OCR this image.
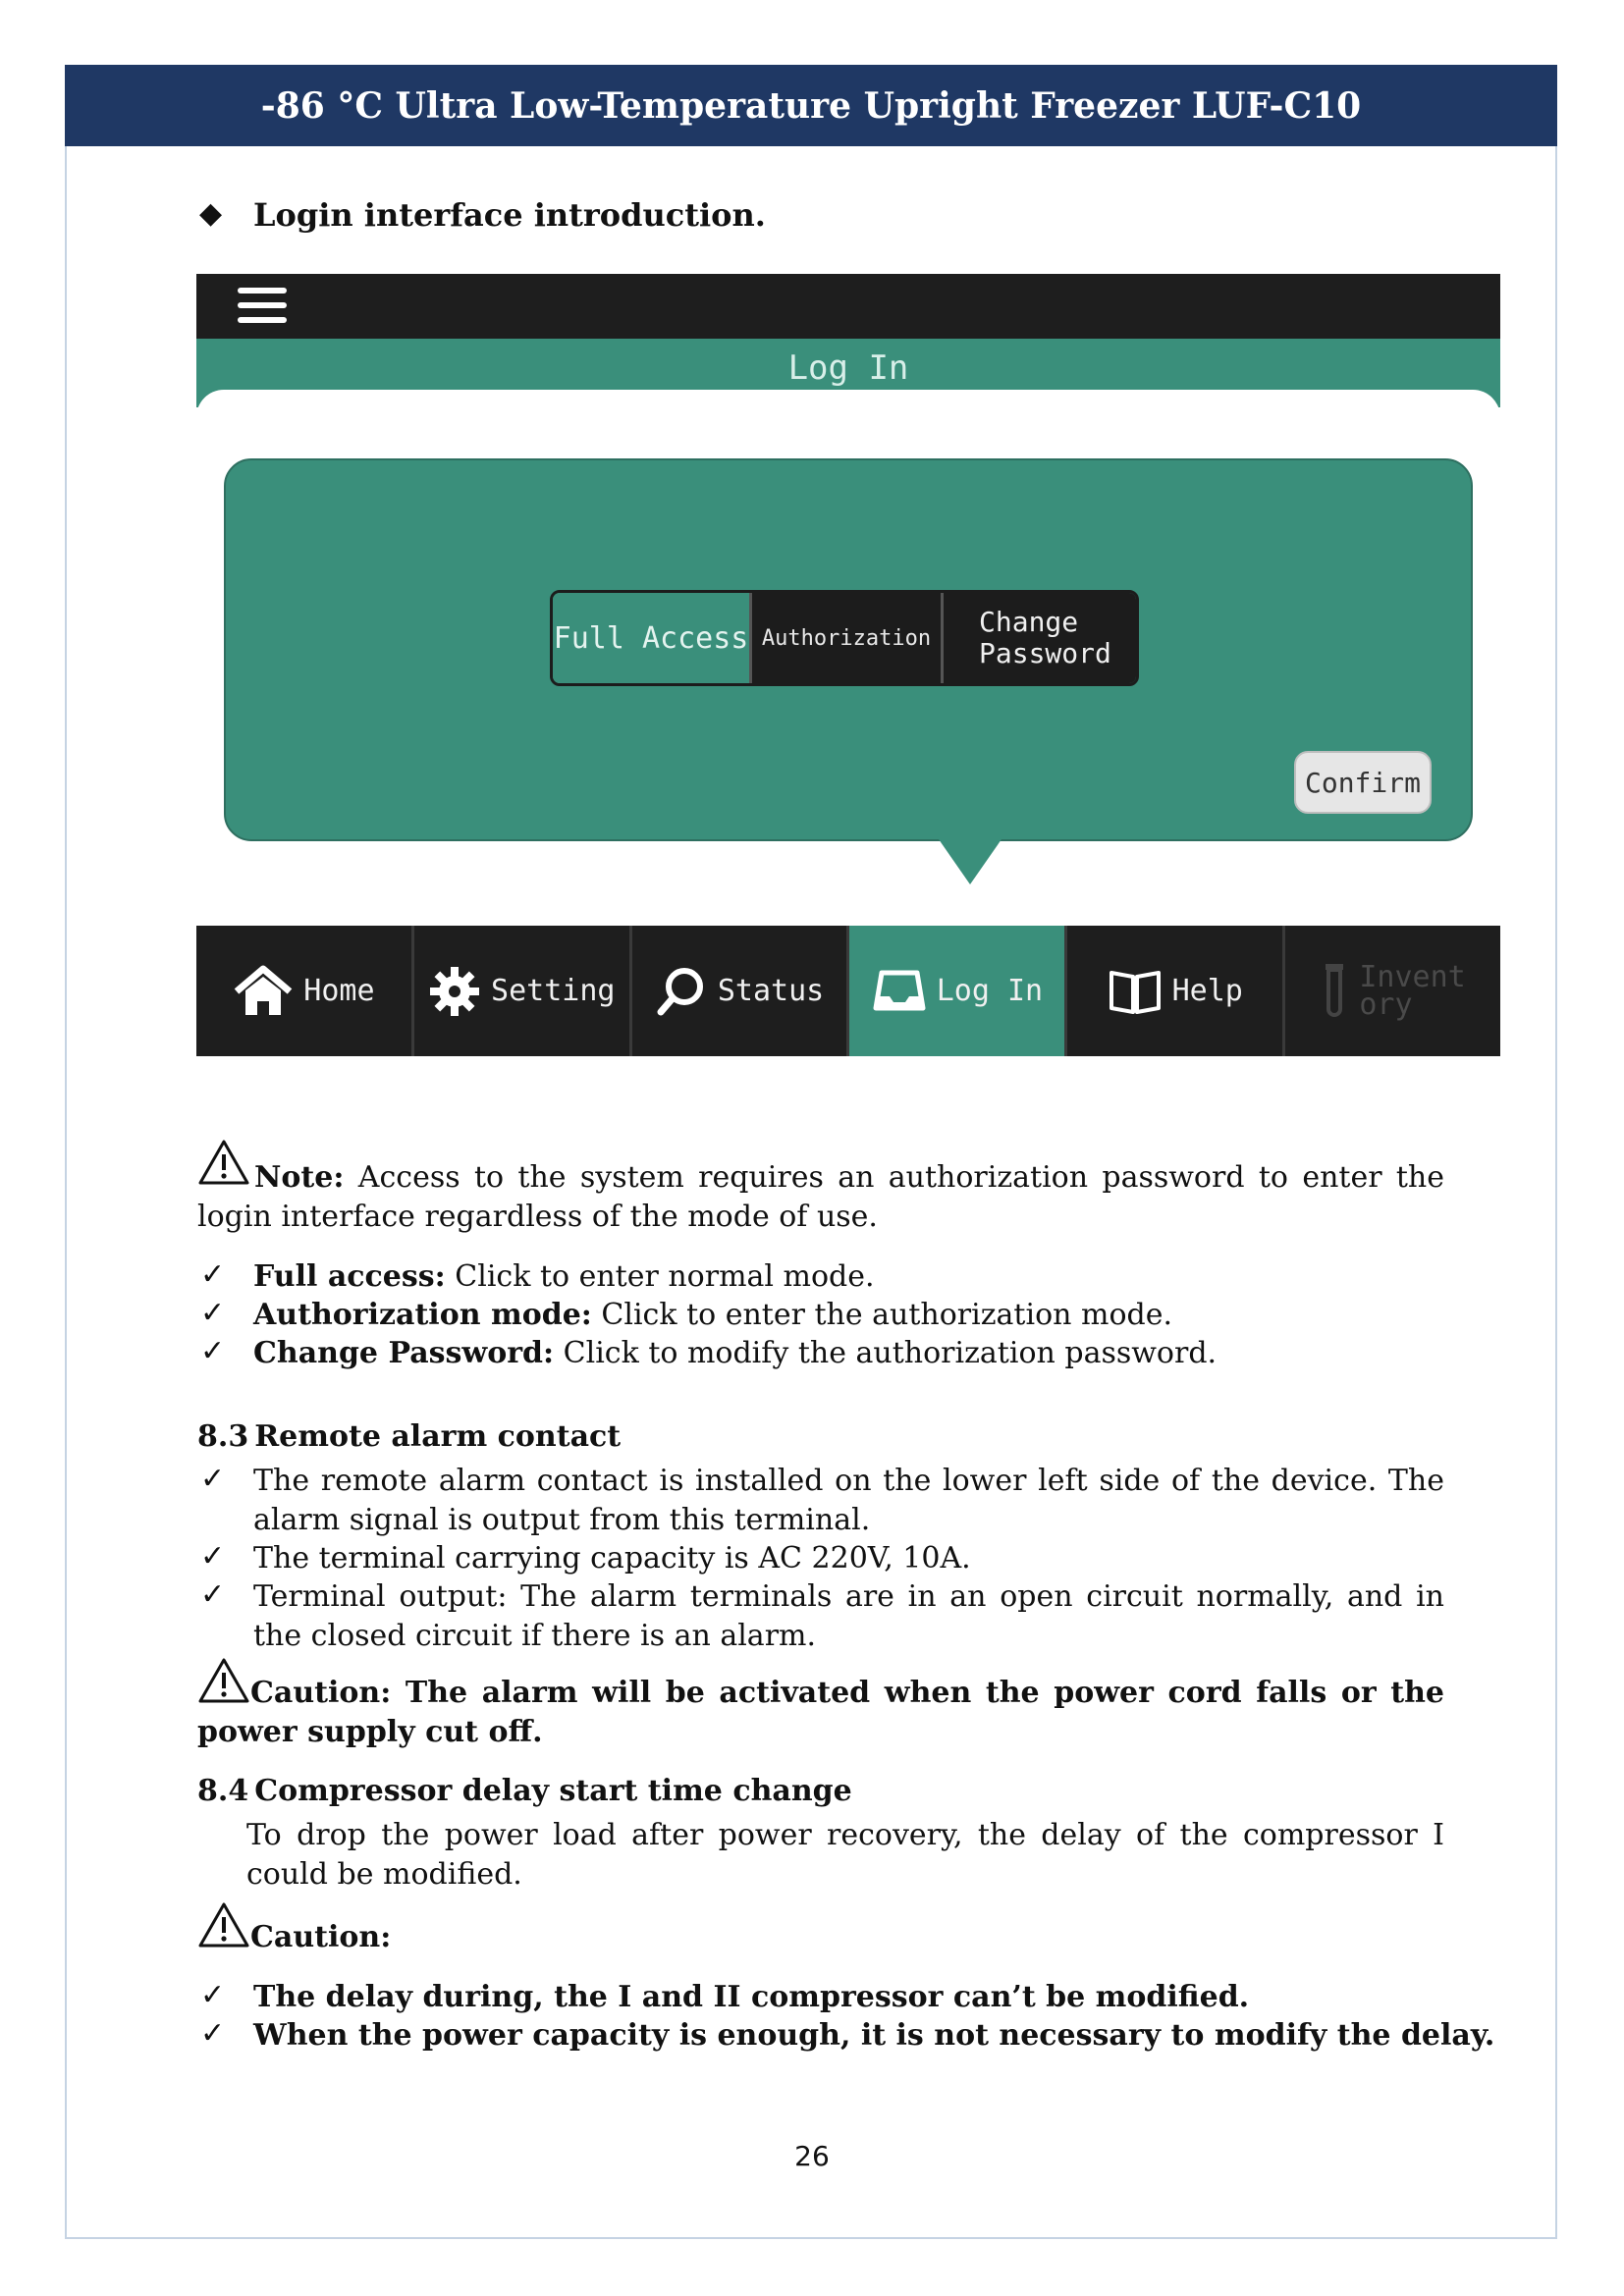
-86 °C Ultra Low-Temperature Upright Freezer LUF-C10
◆ Login interface introduction.
Log In
Full Access Authorization	Change
Password
Confirm
Home	Setting	Status	Log In	Help	Invent
ory
Note: Access to the system requires an authorization password to enter the login interface regardless of the mode of use.
✓ Full access: Click to enter normal mode.
✓ Authorization mode: Click to enter the authorization mode.
✓ Change Password: Click to modify the authorization password.
8.3 Remote alarm contact
✓ The remote alarm contact is installed on the lower left side of the device. The alarm signal is output from this terminal.
✓ The terminal carrying capacity is AC 220V, 10A.
✓ Terminal output: The alarm terminals are in an open circuit normally, and in the closed circuit if there is an alarm.
Caution: The alarm will be activated when the power cord falls or the power supply cut off.
8.4 Compressor delay start time change
To drop the power load after power recovery, the delay of the compressor I could be modified.
Caution:
✓ The delay during, the I and II compressor can’t be modified.
✓ When the power capacity is enough, it is not necessary to modify the delay.
26
